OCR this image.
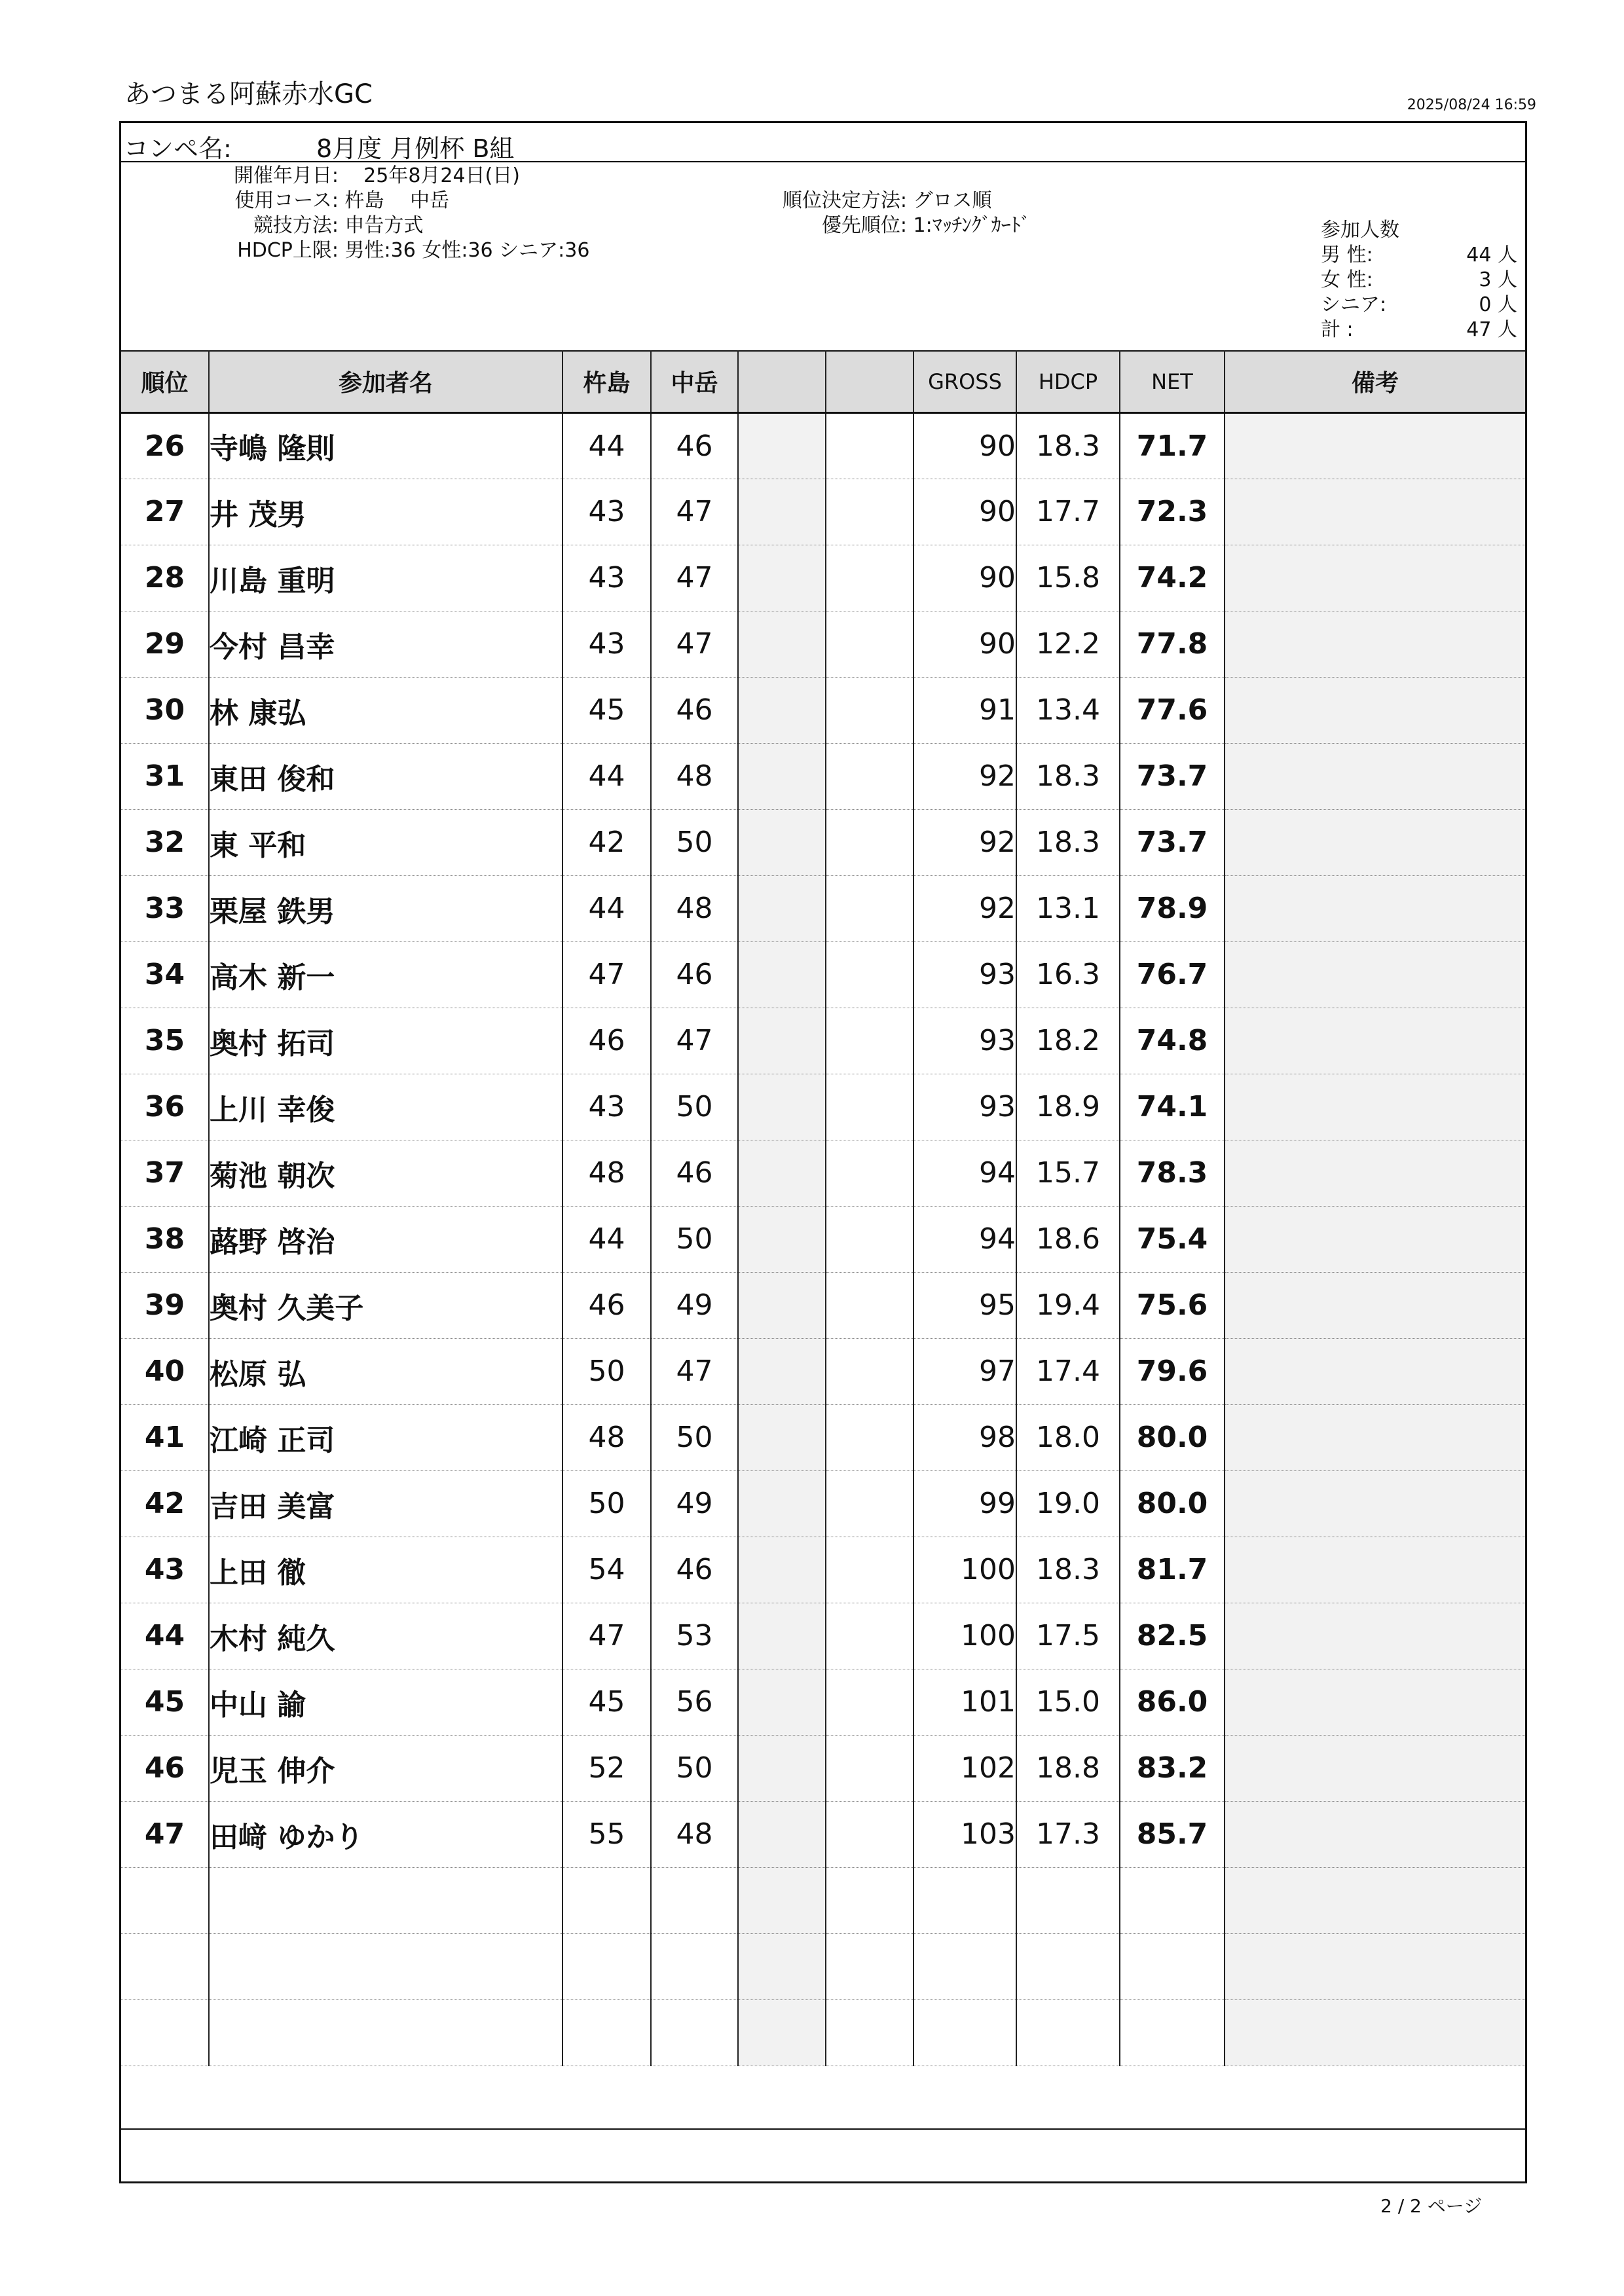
あつまる阿蘇赤水GC	2025/08/24 16:59
コンペ名:	8月度 月例杯 B組
開催年月日: 25年8月24日(日)
使用コース: 杵島　 中岳
競技方法: 申告方式
HDCP上限: 男性:36 女性:36 シニア:36
順位決定方法: グロス順
優先順位: 1:ﾏｯﾁﾝｸﾞｶｰﾄﾞ	参加人数
男 性:	44 人
女 性:	3 人
シニア:	0 人
計 :	47 人
順位	参加者名	杵島	中岳			GROSS	HDCP	NET	備考
26	寺嶋 隆則	44	46			90	18.3	71.7	
27	井 茂男	43	47			90	17.7	72.3	
28	川島 重明	43	47			90	15.8	74.2	
29	今村 昌幸	43	47			90	12.2	77.8	
30	林 康弘	45	46			91	13.4	77.6	
31	東田 俊和	44	48			92	18.3	73.7	
32	東 平和	42	50			92	18.3	73.7	
33	栗屋 鉄男	44	48			92	13.1	78.9	
34	高木 新一	47	46			93	16.3	76.7	
35	奥村 拓司	46	47			93	18.2	74.8	
36	上川 幸俊	43	50			93	18.9	74.1	
37	菊池 朝次	48	46			94	15.7	78.3	
38	蕗野 啓治	44	50			94	18.6	75.4	
39	奥村 久美子	46	49			95	19.4	75.6	
40	松原 弘	50	47			97	17.4	79.6	
41	江崎 正司	48	50			98	18.0	80.0	
42	吉田 美富	50	49			99	19.0	80.0	
43	上田 徹	54	46			100	18.3	81.7	
44	木村 純久	47	53			100	17.5	82.5	
45	中山 諭	45	56			101	15.0	86.0	
46	児玉 伸介	52	50			102	18.8	83.2	
47	田﨑 ゆかり	55	48			103	17.3	85.7	

2 / 2 ページ
